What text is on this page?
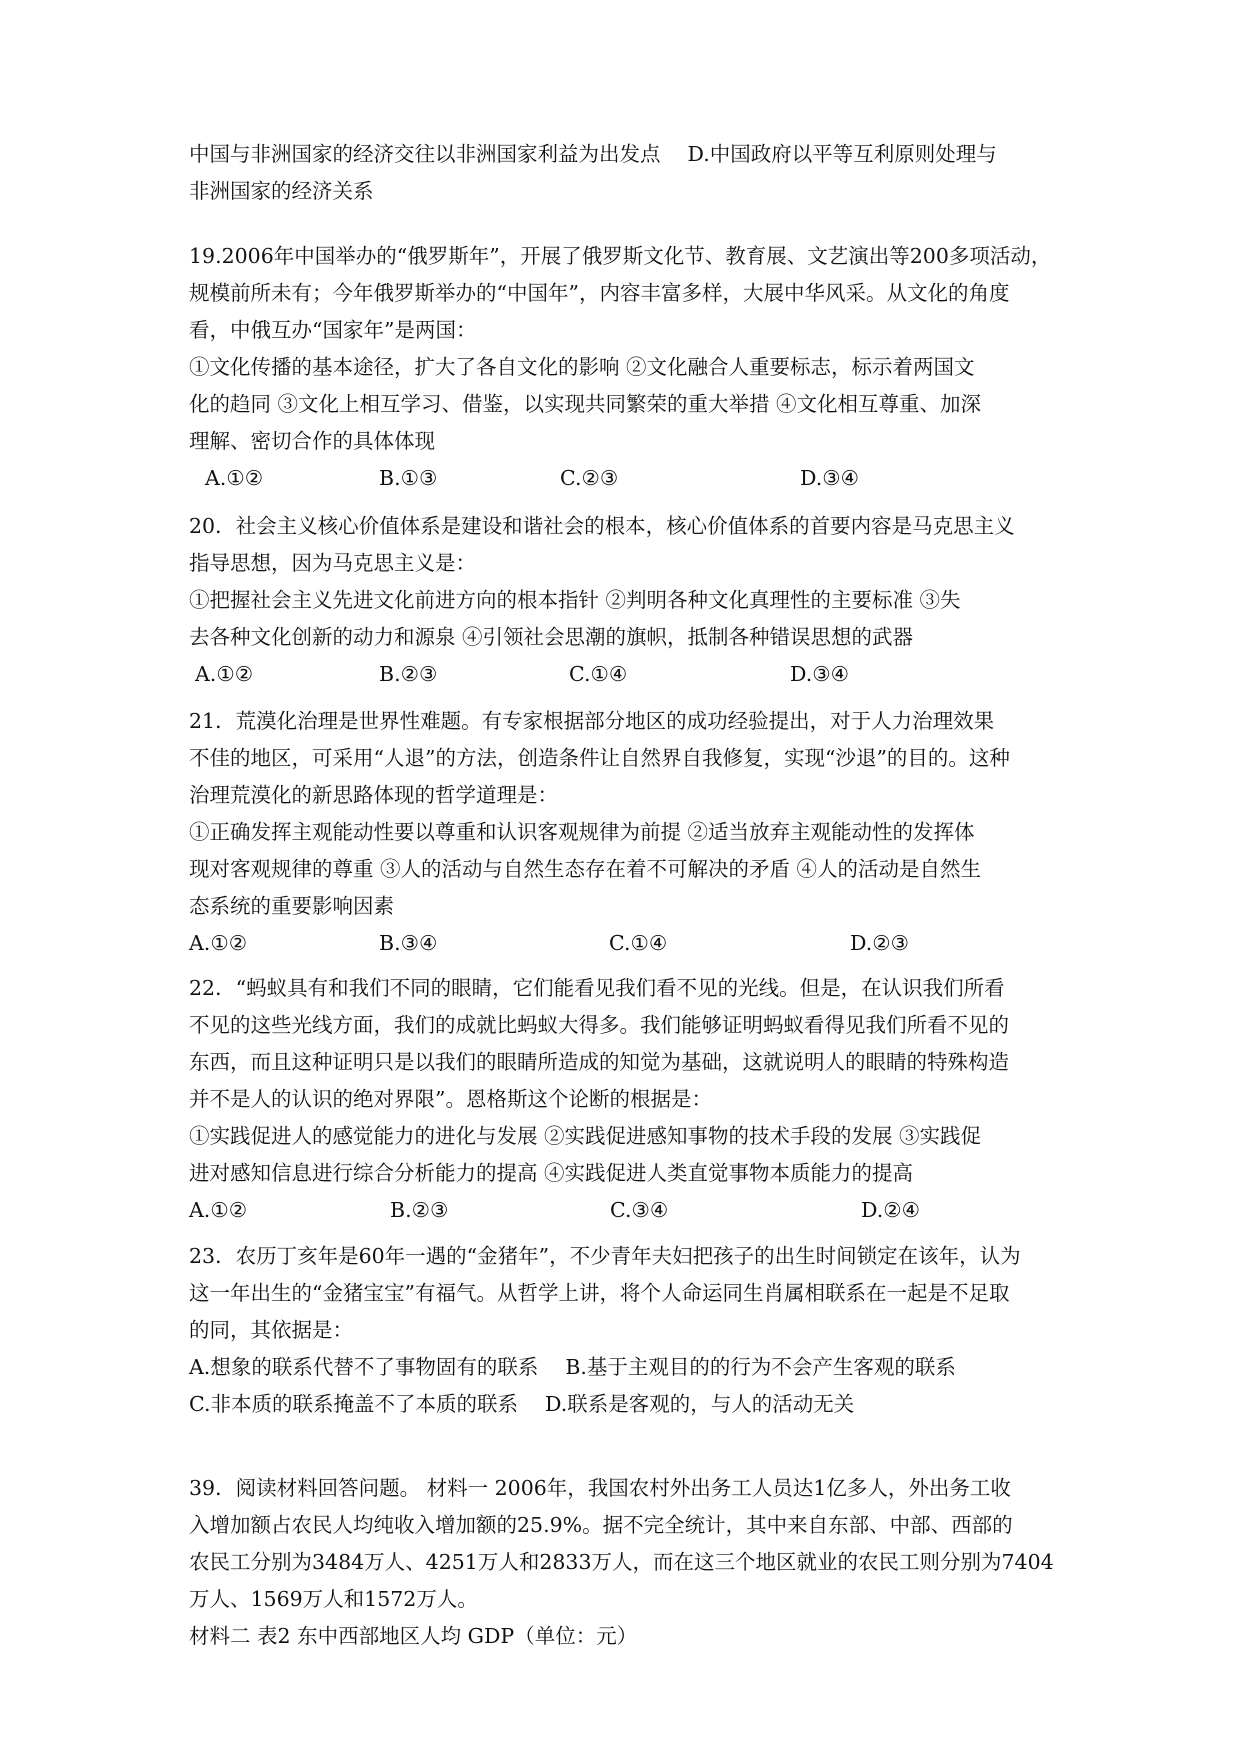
中国与非洲国家的经济交往以非洲国家利益为出发点　 D.中国政府以平等互利原则处理与
非洲国家的经济关系
19.2006年中国举办的“俄罗斯年”，开展了俄罗斯文化节、教育展、文艺演出等200多项活动，
规模前所未有；今年俄罗斯举办的“中国年”，内容丰富多样，大展中华风采。从文化的角度
看，中俄互办“国家年”是两国：
①文化传播的基本途径，扩大了各自文化的影响 ②文化融合人重要标志，标示着两国文
化的趋同 ③文化上相互学习、借鉴，以实现共同繁荣的重大举措 ④文化相互尊重、加深
理解、密切合作的具体体现
A.①②	B.①③	C.②③	D.③④
20．社会主义核心价值体系是建设和谐社会的根本，核心价值体系的首要内容是马克思主义
指导思想，因为马克思主义是：
①把握社会主义先进文化前进方向的根本指针 ②判明各种文化真理性的主要标准 ③失
去各种文化创新的动力和源泉 ④引领社会思潮的旗帜，抵制各种错误思想的武器
A.①②	B.②③	C.①④	D.③④
21．荒漠化治理是世界性难题。有专家根据部分地区的成功经验提出，对于人力治理效果
不佳的地区，可采用“人退”的方法，创造条件让自然界自我修复，实现“沙退”的目的。这种
治理荒漠化的新思路体现的哲学道理是：
①正确发挥主观能动性要以尊重和认识客观规律为前提 ②适当放弃主观能动性的发挥体
现对客观规律的尊重 ③人的活动与自然生态存在着不可解决的矛盾 ④人的活动是自然生
态系统的重要影响因素
A.①②	B.③④	C.①④	D.②③
22．“蚂蚁具有和我们不同的眼睛，它们能看见我们看不见的光线。但是，在认识我们所看
不见的这些光线方面，我们的成就比蚂蚁大得多。我们能够证明蚂蚁看得见我们所看不见的
东西，而且这种证明只是以我们的眼睛所造成的知觉为基础，这就说明人的眼睛的特殊构造
并不是人的认识的绝对界限”。恩格斯这个论断的根据是：
①实践促进人的感觉能力的进化与发展 ②实践促进感知事物的技术手段的发展 ③实践促
进对感知信息进行综合分析能力的提高 ④实践促进人类直觉事物本质能力的提高
A.①②	B.②③	C.③④	D.②④
23．农历丁亥年是60年一遇的“金猪年”，不少青年夫妇把孩子的出生时间锁定在该年，认为
这一年出生的“金猪宝宝”有福气。从哲学上讲，将个人命运同生肖属相联系在一起是不足取
的同，其依据是：
A.想象的联系代替不了事物固有的联系　 B.基于主观目的的行为不会产生客观的联系
C.非本质的联系掩盖不了本质的联系　 D.联系是客观的，与人的活动无关
39．阅读材料回答问题。 材料一 2006年，我国农村外出务工人员达1亿多人，外出务工收
入增加额占农民人均纯收入增加额的25.9%。据不完全统计，其中来自东部、中部、西部的
农民工分别为3484万人、4251万人和2833万人，而在这三个地区就业的农民工则分别为7404
万人、1569万人和1572万人。
材料二 表2 东中西部地区人均 GDP（单位：元）
